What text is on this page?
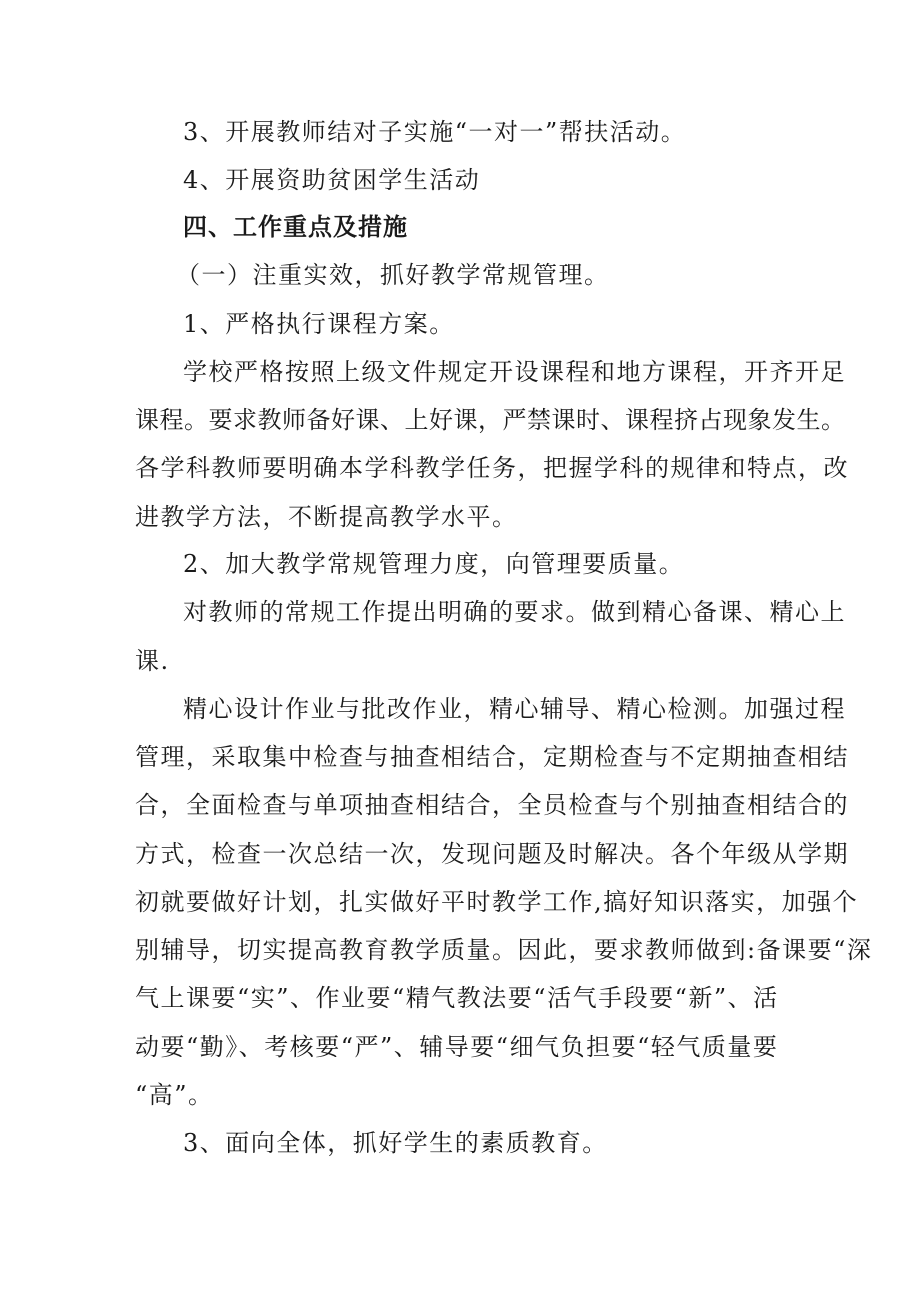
3、开展教师结对子实施“一对一”帮扶活动。
4、开展资助贫困学生活动
四、工作重点及措施
（一）注重实效，抓好教学常规管理。
1、严格执行课程方案。
学校严格按照上级文件规定开设课程和地方课程，开齐开足
课程。要求教师备好课、上好课，严禁课时、课程挤占现象发生。
各学科教师要明确本学科教学任务，把握学科的规律和特点，改
进教学方法，不断提高教学水平。
2、加大教学常规管理力度，向管理要质量。
对教师的常规工作提出明确的要求。做到精心备课、精心上
课.
精心设计作业与批改作业，精心辅导、精心检测。加强过程
管理，采取集中检查与抽查相结合，定期检查与不定期抽查相结
合，全面检查与单项抽查相结合，全员检查与个别抽查相结合的
方式，检查一次总结一次，发现问题及时解决。各个年级从学期
初就要做好计划，扎实做好平时教学工作,搞好知识落实，加强个
别辅导，切实提高教育教学质量。因此，要求教师做到:备课要“深
气上课要“实”、作业要“精气教法要“活气手段要“新”、活
动要“勤》、考核要“严”、辅导要“细气负担要“轻气质量要
“高”。
3、面向全体，抓好学生的素质教育。
